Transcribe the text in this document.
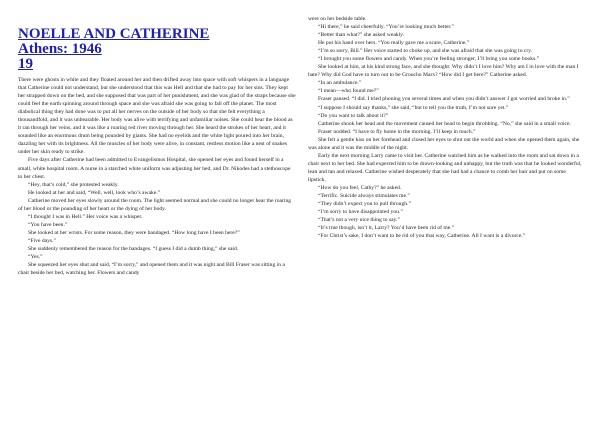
NOELLE AND CATHERINE
Athens: 1946
19

There were ghosts in white and they floated around her and then drifted away into space with soft whispers in a language that Catherine could not understand, but she understood that this was Hell and that she had to pay for her sins. They kept her strapped down on the bed, and she supposed that was part of her punishment, and she was glad of the straps because she could feel the earth spinning around through space and she was afraid she was going to fall off the planet. The most diabolical thing they had done was to put all her nerves on the outside of her body so that she felt everything a thousandfold, and it was unbearable. Her body was alive with terrifying and unfamiliar noises. She could hear the blood as it ran through her veins, and it was like a roaring red river moving through her. She heard the strokes of her heart, and it sounded like an enormous drum being pounded by giants. She had no eyelids and the white light poured into her brain, dazzling her with its brightness. All the muscles of her body were alive, in constant, restless motion like a nest of snakes under her skin ready to strike.

Five days after Catherine had been admitted to Evangelismos Hospital, she opened her eyes and found herself in a small, white hospital room. A nurse in a starched white uniform was adjusting her bed, and Dr. Nikodes had a stethoscope to her chest.

“Hey, that’s cold,” she protested weakly.

He looked at her and said, “Well, well, look who’s awake.”

Catherine moved her eyes slowly around the room. The light seemed normal and she could no longer hear the roaring of her blood or the pounding of her heart or the dying of her body.

“I thought I was in Hell.” Her voice was a whisper.

“You have been.”

She looked at her wrists. For some reason, they were bandaged. “How long have I been here?”

“Five days.”

She suddenly remembered the reason for the bandages. “I guess I did a dumb thing,” she said.

“Yes.”

She squeezed her eyes shut and said, “I’m sorry,” and opened them and it was night and Bill Fraser was sitting in a chair beside her bed, watching her. Flowers and candy

were on her bedside table.

“Hi there,” he said cheerfully. “You’re looking much better.”

“Better than what?” she asked weakly.

He put his hand over hers. “You really gave me a scare, Catherine.”

“I’m so sorry, Bill.” Her voice started to choke up, and she was afraid that she was going to cry.

“I brought you some flowers and candy. When you’re feeling stronger, I’ll bring you some books.”

She looked at him, at his kind strong face, and she thought: Why didn’t I love him? Why am I in love with the man I hate? Why did God have to turn out to be Groucho Marx? “How did I get here?” Catherine asked.

“In an ambulance.”

“I mean—who found me?”

Fraser paused. “I did. I tried phoning you several times and when you didn’t answer I got worried and broke in.”

“I suppose I should say thanks,” she said, “but to tell you the truth, I’m not sure yet.”

“Do you want to talk about it?”

Catherine shook her head and the movement caused her head to begin throbbing. “No,” she said in a small voice.

Fraser nodded. “I have to fly home in the morning. I’ll keep in touch.”

She felt a gentle kiss on her forehead and closed her eyes to shut out the world and when she opened them again, she was alone and it was the middle of the night.

Early the next morning Larry came to visit her. Catherine watched him as he walked into the room and sat down in a chair next to her bed. She had expected him to be drawn-looking and unhappy, but the truth was that he looked wonderful, lean and tan and relaxed. Catherine wished desperately that she had had a chance to comb her hair and put on some lipstick.

“How do you feel, Cathy?” he asked.

“Terrific. Suicide always stimulates me.”

“They didn’t expect you to pull through.”

“I’m sorry to have disappointed you.”

“That’s not a very nice thing to say.”

“It’s true though, isn’t it, Larry? You’d have been rid of me.”

“For Christ’s sake, I don’t want to be rid of you that way, Catherine. All I want is a divorce.”
